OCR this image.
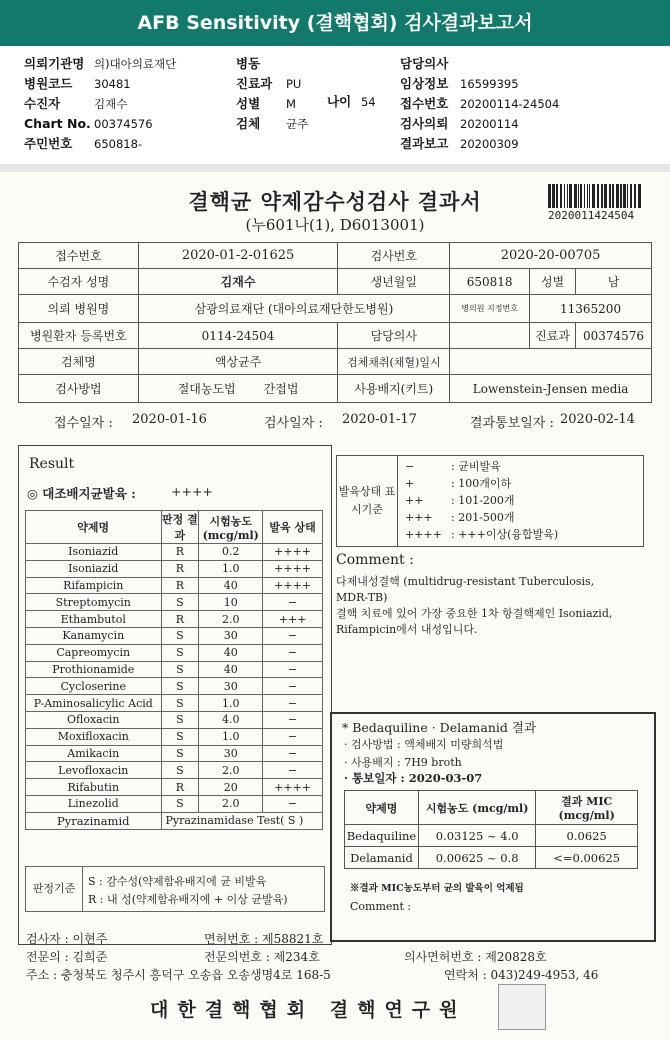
AFB Sensitivity (결핵협회) 검사결과보고서
의뢰기관명 의)대아의료재단
병원코드 30481
수진자	김재수
Chart No. 00374576
주민번호 650818-
병동
진료과 PU
성별 M
검체 균주
나이 54
담당의사
임상정보 16599395
접수번호 20200114-24504
검사의뢰 20200114
결과보고 20200309
결핵균 약제감수성검사 결과서
(누601나(1), D6013001)
2020011424504
접수번호	2020-01-2-01625	검사번호	2020-20-00705		
수검자 성명	김재수	생년월일	650818	성별	남
의뢰 병원명	삼광의료재단 (대아의료재단한도병원)		병의원 지정번호	11365200	
병원환자 등록번호	0114-24504	담당의사		진료과	00374576
검체명	액상균주	검체채취(채혈)일시			
검사방법	절대농도법 간접법	사용배지(키트)	Lowenstein-Jensen media		
접수일자 : 2020-01-16	검사일자 : 2020-01-17	결과통보일자 : 2020-02-14
Result
◎ 대조배지균발육 :	++++
약제명	판정 결과	시험농도 (mcg/ml)	발육 상태
Isoniazid	R	0.2	++++
Isoniazid	R	1.0	++++
Rifampicin	R	40	++++
Streptomycin	S	10	−
Ethambutol	R	2.0	+++
Kanamycin	S	30	−
Capreomycin	S	40	−
Prothionamide	S	40	−
Cycloserine	S	30	−
P-Aminosalicylic Acid	S	1.0	−
Ofloxacin	S	4.0	−
Moxifloxacin	S	1.0	−
Amikacin	S	30	−
Levofloxacin	S	2.0	−
Rifabutin	R	20	++++
Linezolid	S	2.0	−
Pyrazinamid	Pyrazinamidase Test( S )		
판정기준
S : 감수성(약제함유배지에 균 비발육
R : 내 성(약제함유배지에 + 이상 균발육)
발육상태 표시기준
−	: 균비발육
+	: 100개이하
++	: 101-200개
+++ : 201-500개
++++ : +++이상(융합발육)
Comment :
다제내성결핵 (multidrug-resistant Tuberculosis,
MDR-TB)
결핵 치료에 있어 가장 중요한 1차 항결핵제인 Isoniazid,
Rifampicin에서 내성입니다.
* Bedaquiline · Delamanid 결과
· 검사방법 : 액체배지 미량희석법
· 사용배지 : 7H9 broth
· 통보일자 : 2020-03-07
약제명	시험농도 (mcg/ml)	결과 MIC (mcg/ml)
Bedaquiline	0.03125 ~ 4.0	0.0625
Delamanid	0.00625 ~ 0.8	<=0.00625
※결과 MIC농도부터 균의 발육이 억제됨
Comment :
검사자 : 이현주	면허번호 : 제58821호
전문의 : 김희준	전문의번호 : 제234호	의사면허번호 : 제20828호
주소 : 충청북도 청주시 흥덕구 오송읍 오송생명4로 168-5	연락처 : 043)249-4953, 46
대한결핵협회 결핵연구원
